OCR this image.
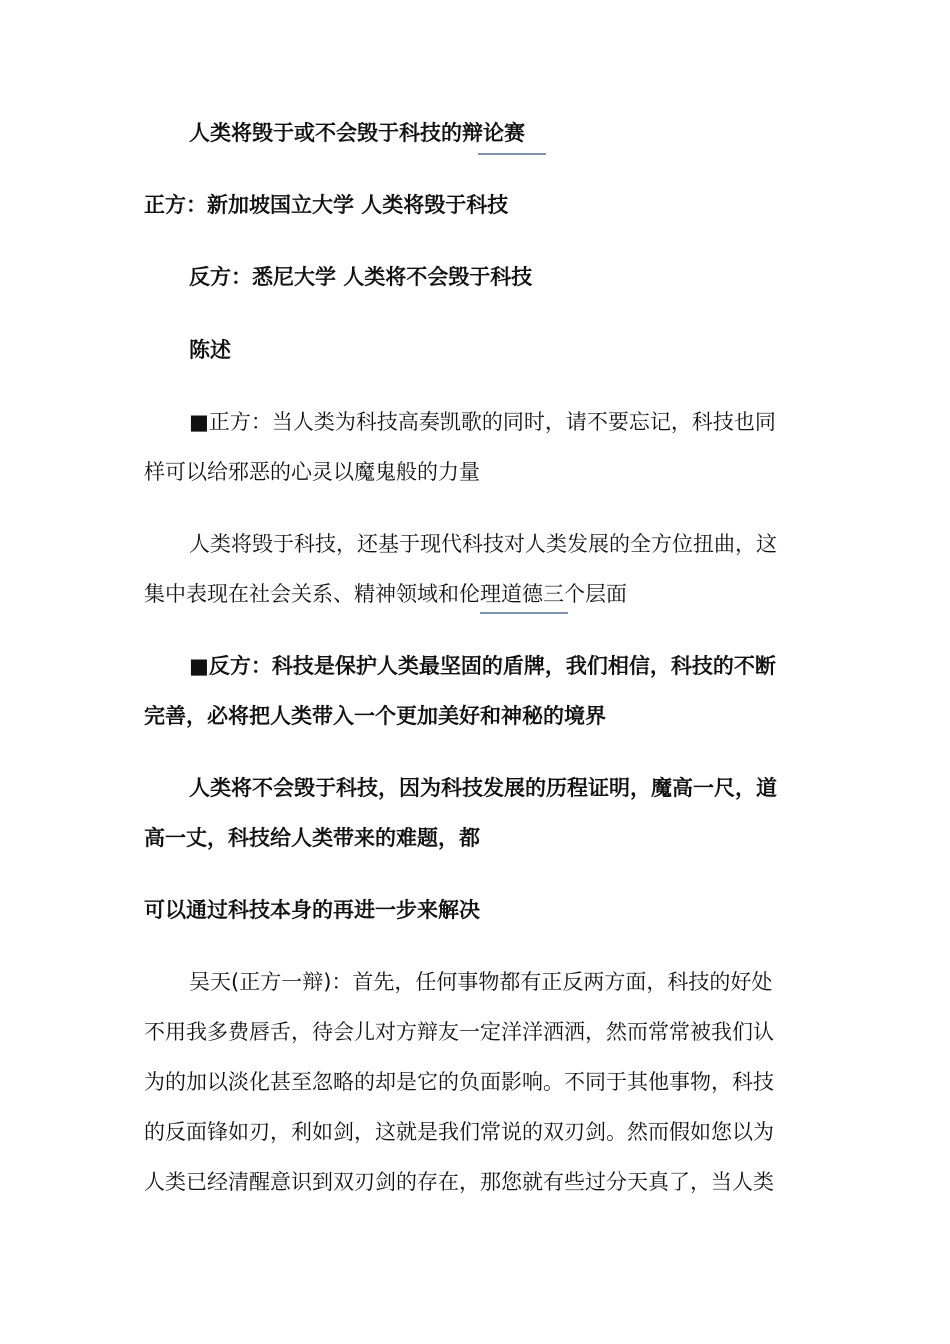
人类将毁于或不会毁于科技的辩论赛
正方：新加坡国立大学 人类将毁于科技
反方：悉尼大学 人类将不会毁于科技
陈述
■正方：当人类为科技高奏凯歌的同时，请不要忘记，科技也同
样可以给邪恶的心灵以魔鬼般的力量
人类将毁于科技，还基于现代科技对人类发展的全方位扭曲，这
集中表现在社会关系、精神领域和伦理道德三个层面
■反方：科技是保护人类最坚固的盾牌，我们相信，科技的不断
完善，必将把人类带入一个更加美好和神秘的境界
人类将不会毁于科技，因为科技发展的历程证明，魔高一尺，道
高一丈，科技给人类带来的难题，都
可以通过科技本身的再进一步来解决
吴天(正方一辩)：首先，任何事物都有正反两方面，科技的好处
不用我多费唇舌，待会儿对方辩友一定洋洋洒洒，然而常常被我们认
为的加以淡化甚至忽略的却是它的负面影响。不同于其他事物，科技
的反面锋如刃，利如剑，这就是我们常说的双刃剑。然而假如您以为
人类已经清醒意识到双刃剑的存在，那您就有些过分天真了，当人类
